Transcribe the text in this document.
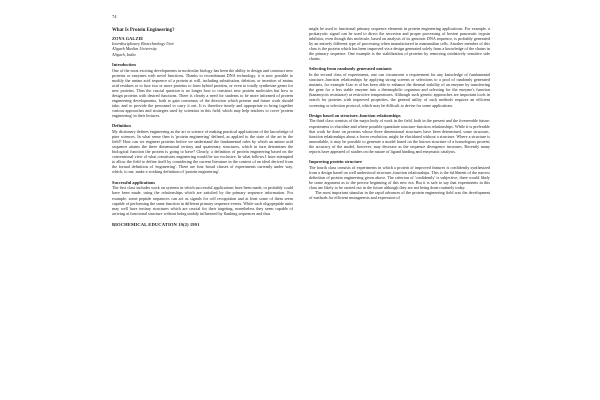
74

What Is Protein Engineering?

ZOYA GALZIE

Interdisciplinary Biotechnology Unit

Aligarh Muslim University

Aligarh, India

Introduction

One of the most exciting developments in molecular biology has been the ability to design and construct new proteins or enzymes with novel functions. Thanks to recombinant DNA technology, it is now possible to modify the amino acid sequence of a protein at will, including substitution, deletion, or insertion of amino acid residues or to fuse two or more proteins to form hybrid proteins, or even to totally synthesize genes for new proteins. Thus the crucial question is no longer how to construct new protein molecules but how to design proteins with desired functions. There is clearly a need for students to be more informed of protein engineering developments, both to gain consensus of the direction which present and future work should take, and to provide the personnel to carry it out. It is therefore timely and appropriate to bring together various approaches and strategies used by scientists in this field, which may help teachers to cover 'protein engineering' in their lectures.

Definition

My dictionary defines engineering as the art or science of making practical applications of the knowledge of pure sciences. In what sense then is 'protein engineering' defined, as applied to the state of the art in the field? How can we engineer proteins before we understand the fundamental rules by which an amino acid sequence attains the three dimensional tertiary and quaternary structures, which in turn determines the biological function the protein is going to have? Clearly, a definition of protein engineering based on the conventional view of what constitutes engineering would be too exclusive. In what follows I have attempted to allow the field to define itself by considering the current literature in the context of an ideal derived from the formal definition of 'engineering'. There are four broad classes of experiments currently under way, which, to me, make a working definition of 'protein engineering'.

Successful applications

The first class includes work on systems in which successful applications have been made, or probably could have been made, using the relationships which are satisfied by the primary sequence information. For example, some peptide sequences can act as signals for cell recognition and at least some of them seem capable of performing the same function in different primary sequence events. While such oligopeptide units may well have tertiary structures which are crucial for their targeting, nonetheless they seem capable of arriving at functional structure without being unduly influenced by flanking sequences and thus

BIOCHEMICAL EDUCATION 19(2) 1991

might be used to functional primary sequence elements in protein engineering applications. For example, a prokaryotic signal can be used to direct the secretion and proper processing of bovine pancreatic trypsin inhibitor, even though this molecule, based on analysis of its genomic DNA sequence, is probably generated by an entirely different type of processing when manufactured in mammalian cells. Another member of this class is the protein which has been improved via a design generated solely from a knowledge of the chains in the primary sequence. One example is the stabilization of proteins by removing oxidatively sensitive side chains.

Selecting from randomly generated mutants

In the second class of experiments, one can circumvent a requirement for any knowledge of fundamental structure–function relationships by applying strong screens or selections to a pool of randomly generated mutants, for example Liao et al has been able to enhance the thermal stability of an enzyme by transferring the gene for a less stable enzyme into a thermophilic organism and selecting for the enzyme's function (kanamycin resistance) at restrictive temperatures. Although such genetic approaches are important tools in search for proteins with improved properties, the general utility of such methods requires an efficient screening or selection protocol, which may be difficult to devise for some applications.

Design based on structure–function relationships

The third class consists of the major body of work in the field, both in the present and the foreseeable future: experiments to elucidate and where possible quantitate structure-function relationships. While it is preferable that work be done on proteins whose three dimensional structures have been determined, some structure–function relationships about a lower resolution, might be elucidated without a structure. Where a structure is unavailable, it may be possible to generate a model based on the known structure of a homologous protein; the accuracy of the model, however, may decrease as the sequence divergence increases. Recently many reports have appeared of studies on the nature of ligand binding and enzymatic catalysis.

Improving protein structure

The fourth class consists of experiments in which a protein of improved features is confidently synthesized from a design based on well understood structure–function relationships. This is the fulfilment of the narrow definition of protein engineering given above. The criterion of 'confidently' is subjective, there would likely be some argument as to the precise beginning of this new era. But it is safe to say that experiments in this class are likely to be carried out in the future although they are not being done routinely today.

The most important stimulus in the rapid advances of the protein engineering field was the development of methods for efficient mutagenesis and expression of
